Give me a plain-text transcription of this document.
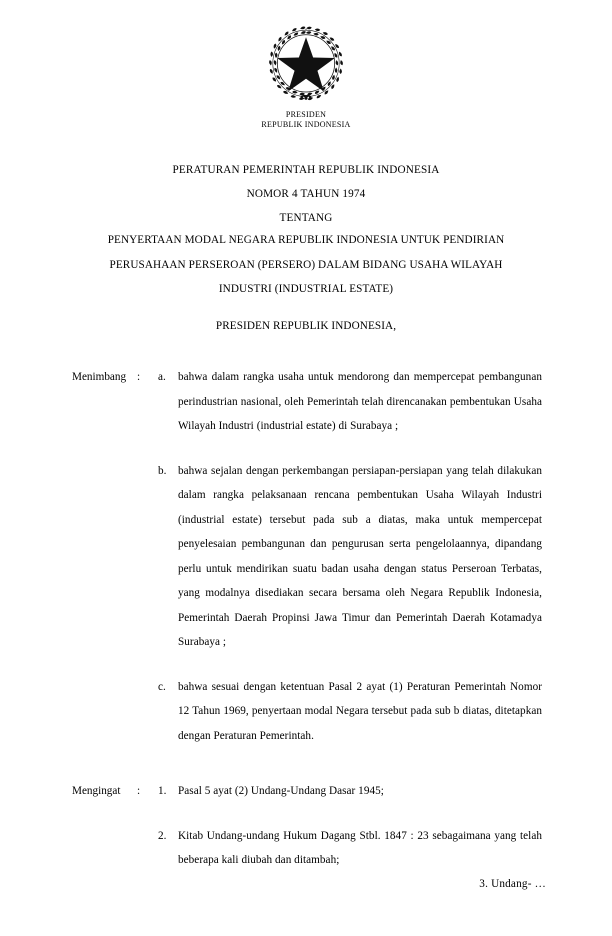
PRESIDEN
REPUBLIK INDONESIA
PERATURAN PEMERINTAH REPUBLIK INDONESIA
NOMOR 4 TAHUN 1974
TENTANG
PENYERTAAN MODAL NEGARA REPUBLIK INDONESIA UNTUK PENDIRIAN
PERUSAHAAN PERSEROAN (PERSERO) DALAM BIDANG USAHA WILAYAH
INDUSTRI (INDUSTRIAL ESTATE)
PRESIDEN REPUBLIK INDONESIA,
Menimbang : a. bahwa dalam rangka usaha untuk mendorong dan mempercepat pembangunan perindustrian nasional, oleh Pemerintah telah direncanakan pembentukan Usaha Wilayah Industri (industrial estate) di Surabaya ;
b. bahwa sejalan dengan perkembangan persiapan-persiapan yang telah dilakukan dalam rangka pelaksanaan rencana pembentukan Usaha Wilayah Industri (industrial estate) tersebut pada sub a diatas, maka untuk mempercepat penyelesaian pembangunan dan pengurusan serta pengelolaannya, dipandang perlu untuk mendirikan suatu badan usaha dengan status Perseroan Terbatas, yang modalnya disediakan secara bersama oleh Negara Republik Indonesia, Pemerintah Daerah Propinsi Jawa Timur dan Pemerintah Daerah Kotamadya Surabaya ;
c. bahwa sesuai dengan ketentuan Pasal 2 ayat (1) Peraturan Pemerintah Nomor 12 Tahun 1969, penyertaan modal Negara tersebut pada sub b diatas, ditetapkan dengan Peraturan Pemerintah.
Mengingat : 1. Pasal 5 ayat (2) Undang-Undang Dasar 1945;
2. Kitab Undang-undang Hukum Dagang Stbl. 1847 : 23 sebagaimana yang telah beberapa kali diubah dan ditambah;
3. Undang- …
